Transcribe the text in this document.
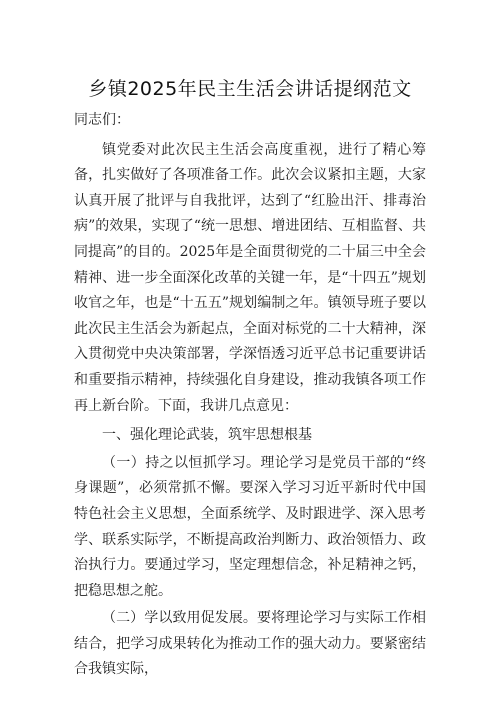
乡镇2025年民主生活会讲话提纲范文

同志们：

镇党委对此次民主生活会高度重视，进行了精心筹备，扎实做好了各项准备工作。此次会议紧扣主题，大家认真开展了批评与自我批评，达到了“红脸出汗、排毒治病”的效果，实现了“统一思想、增进团结、互相监督、共同提高”的目的。2025年是全面贯彻党的二十届三中全会精神、进一步全面深化改革的关键一年，是“十四五”规划收官之年，也是“十五五”规划编制之年。镇领导班子要以此次民主生活会为新起点，全面对标党的二十大精神，深入贯彻党中央决策部署，学深悟透习近平总书记重要讲话和重要指示精神，持续强化自身建设，推动我镇各项工作再上新台阶。下面，我讲几点意见：

一、强化理论武装，筑牢思想根基

（一）持之以恒抓学习。理论学习是党员干部的“终身课题”，必须常抓不懈。要深入学习习近平新时代中国特色社会主义思想，全面系统学、及时跟进学、深入思考学、联系实际学，不断提高政治判断力、政治领悟力、政治执行力。要通过学习，坚定理想信念，补足精神之钙，把稳思想之舵。

（二）学以致用促发展。要将理论学习与实际工作相结合，把学习成果转化为推动工作的强大动力。要紧密结合我镇实际，
